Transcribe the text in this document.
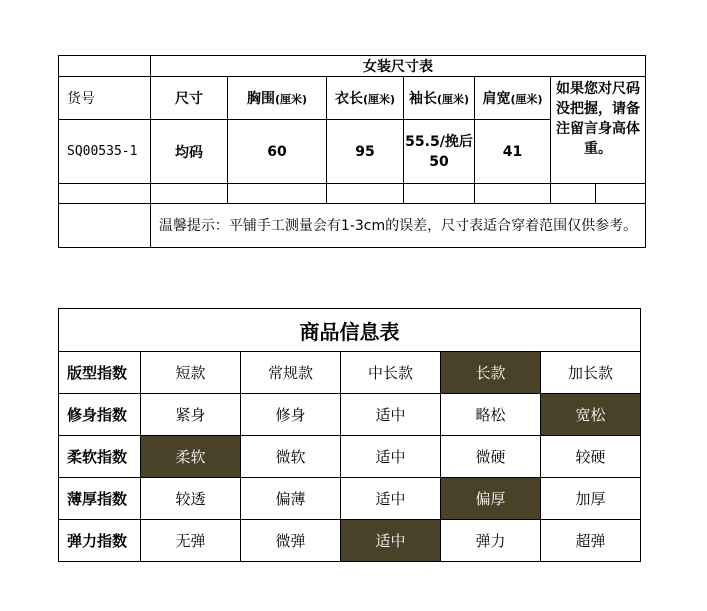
	女装尺寸表						
货号	尺寸	胸围(厘米)	衣长(厘米)	袖长(厘米)	肩宽(厘米)	如果您对尺码没把握，请备注留言身高体重。	
SQ00535-1	均码	60	95	55.5/挽后50	41		

	温馨提示：平铺手工测量会有1-3cm的误差，尺寸表适合穿着范围仅供参考。						
商品信息表					
版型指数	短款	常规款	中长款	长款	加长款
修身指数	紧身	修身	适中	略松	宽松
柔软指数	柔软	微软	适中	微硬	较硬
薄厚指数	较透	偏薄	适中	偏厚	加厚
弹力指数	无弹	微弹	适中	弹力	超弹
